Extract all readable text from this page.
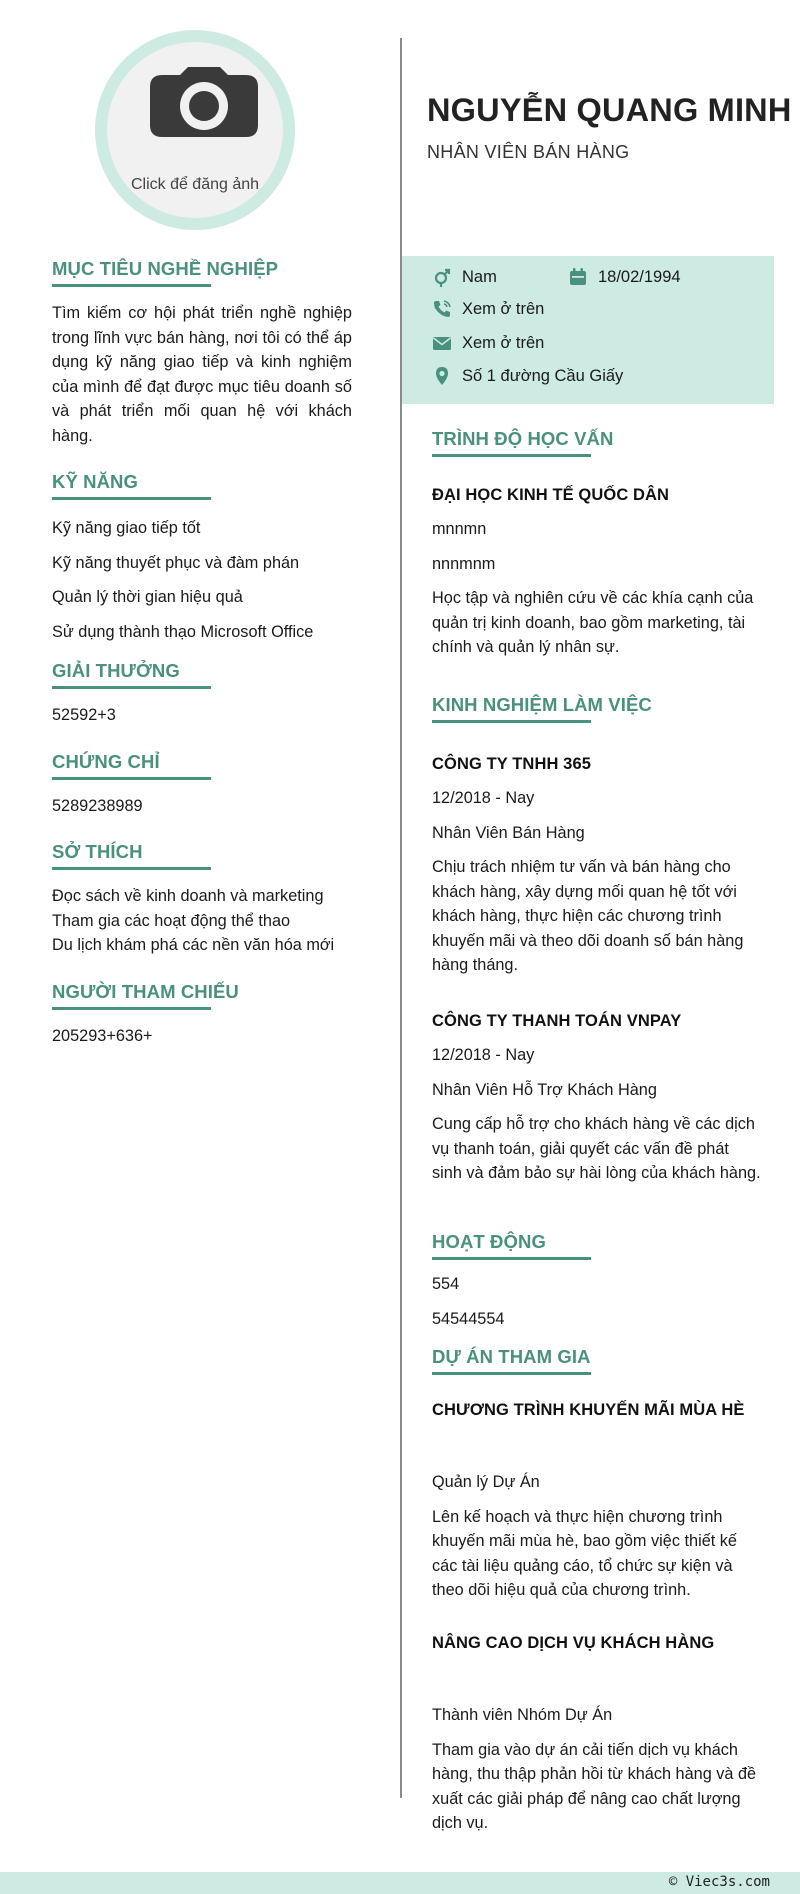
Click để đăng ảnh
MỤC TIÊU NGHỀ NGHIỆP
Tìm kiếm cơ hội phát triển nghề nghiệp trong lĩnh vực bán hàng, nơi tôi có thể áp dụng kỹ năng giao tiếp và kinh nghiệm của mình để đạt được mục tiêu doanh số và phát triển mối quan hệ với khách hàng.
KỸ NĂNG
Kỹ năng giao tiếp tốt
Kỹ năng thuyết phục và đàm phán
Quản lý thời gian hiệu quả
Sử dụng thành thạo Microsoft Office
GIẢI THƯỞNG
52592+3
CHỨNG CHỈ
5289238989
SỞ THÍCH
Đọc sách về kinh doanh và marketing
Tham gia các hoạt động thể thao
Du lịch khám phá các nền văn hóa mới
NGƯỜI THAM CHIẾU
205293+636+
NGUYỄN QUANG MINH
NHÂN VIÊN BÁN HÀNG
Nam	18/02/1994
Xem ở trên
Xem ở trên
Số 1 đường Cầu Giấy
TRÌNH ĐỘ HỌC VẤN
ĐẠI HỌC KINH TẾ QUỐC DÂN
mnnmn
nnnmnm
Học tập và nghiên cứu về các khía cạnh của quản trị kinh doanh, bao gồm marketing, tài chính và quản lý nhân sự.
KINH NGHIỆM LÀM VIỆC
CÔNG TY TNHH 365
12/2018 - Nay
Nhân Viên Bán Hàng
Chịu trách nhiệm tư vấn và bán hàng cho khách hàng, xây dựng mối quan hệ tốt với khách hàng, thực hiện các chương trình khuyến mãi và theo dõi doanh số bán hàng hàng tháng.
CÔNG TY THANH TOÁN VNPAY
12/2018 - Nay
Nhân Viên Hỗ Trợ Khách Hàng
Cung cấp hỗ trợ cho khách hàng về các dịch vụ thanh toán, giải quyết các vấn đề phát sinh và đảm bảo sự hài lòng của khách hàng.
HOẠT ĐỘNG
554
54544554
DỰ ÁN THAM GIA
CHƯƠNG TRÌNH KHUYẾN MÃI MÙA HÈ
Quản lý Dự Án
Lên kế hoạch và thực hiện chương trình khuyến mãi mùa hè, bao gồm việc thiết kế các tài liệu quảng cáo, tổ chức sự kiện và theo dõi hiệu quả của chương trình.
NÂNG CAO DỊCH VỤ KHÁCH HÀNG
Thành viên Nhóm Dự Án
Tham gia vào dự án cải tiến dịch vụ khách hàng, thu thập phản hồi từ khách hàng và đề xuất các giải pháp để nâng cao chất lượng dịch vụ.
© Viec3s.com
